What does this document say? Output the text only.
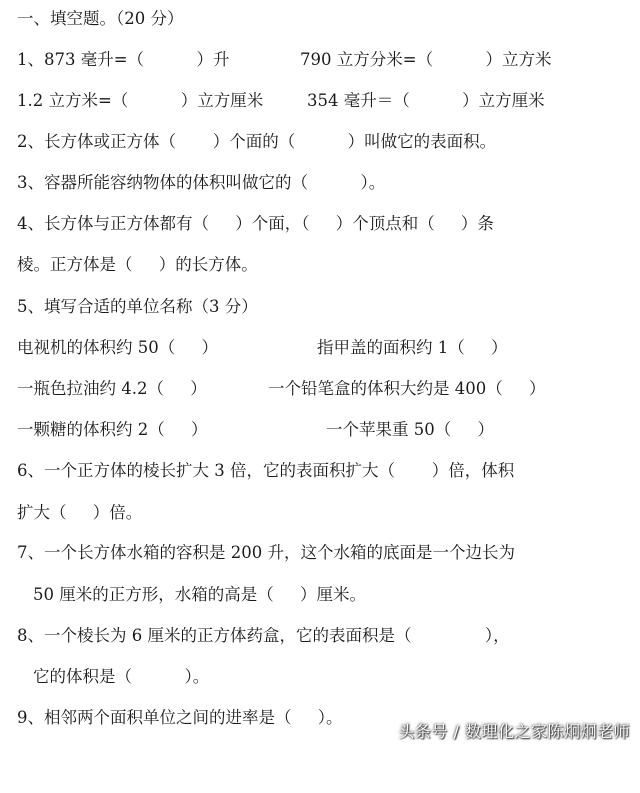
一、填空题。（20 分）

1、873 毫升=（          ）升

	790 立方分米=（          ）立方米

1.2 立方米=（          ）立方厘米

	354 毫升＝（          ）立方厘米

2、长方体或正方体（       ）个面的（          ）叫做它的表面积。

3、容器所能容纳物体的体积叫做它的（          ）。

4、长方体与正方体都有（     ）个面，（     ）个顶点和（     ）条

棱。正方体是（     ）的长方体。

5、填写合适的单位名称（3 分）

电视机的体积约 50（     ）

	指甲盖的面积约 1（     ）

一瓶色拉油约 4.2（     ）

	一个铅笔盒的体积大约是 400（     ）

一颗糖的体积约 2（     ）

	一个苹果重 50（     ）

6、一个正方体的棱长扩大 3 倍，它的表面积扩大（       ）倍，体积

扩大（     ）倍。

7、一个长方体水箱的容积是 200 升，这个水箱的底面是一个边长为

50 厘米的正方形，水箱的高是（     ）厘米。

8、一个棱长为 6 厘米的正方体药盒，它的表面积是（              ），

它的体积是（          ）。

9、相邻两个面积单位之间的进率是（     ）。

头条号 / 数理化之家陈炯炯老师
